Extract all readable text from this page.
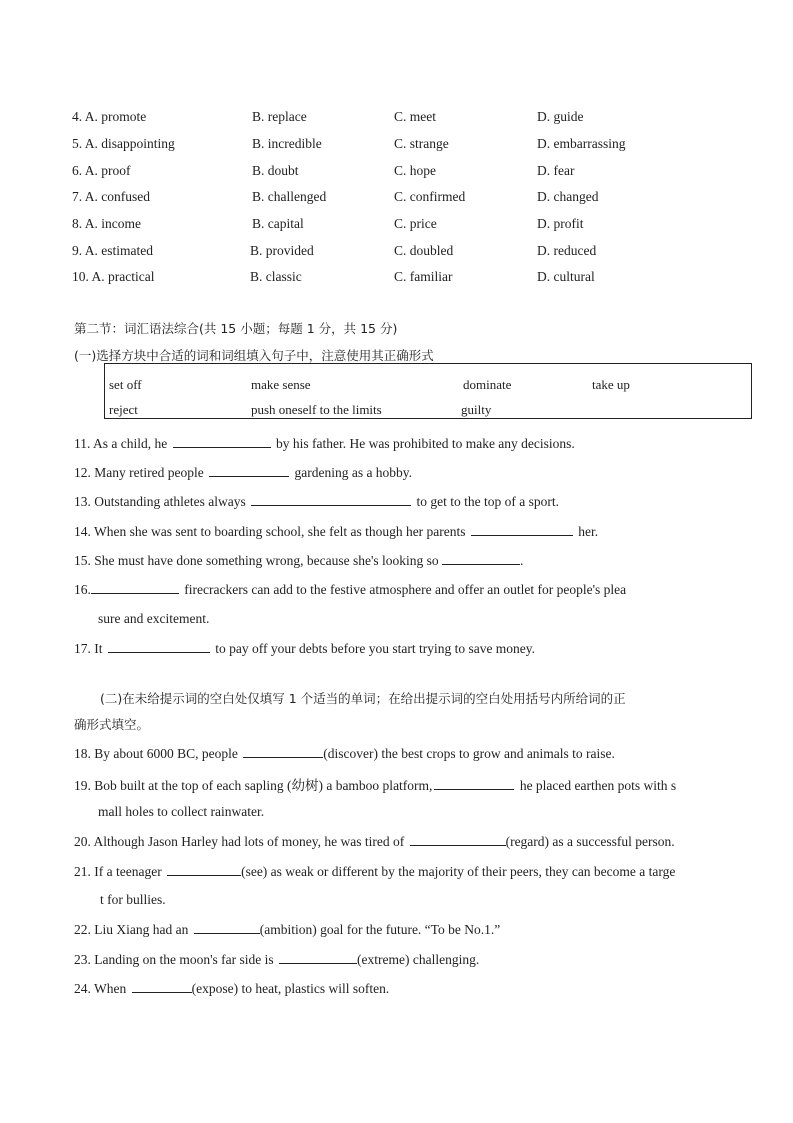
4. A. promote	B. replace	C. meet	D. guide
5. A. disappointing	B. incredible	C. strange	D. embarrassing
6. A. proof	B. doubt	C. hope	D. fear
7. A. confused	B. challenged	C. confirmed	D. changed
8. A. income	B. capital	C. price	D. profit
9. A. estimated	B. provided	C. doubled	D. reduced
10. A. practical	B. classic	C. familiar	D. cultural
第二节：词汇语法综合(共 15 小题；每题 1 分，共 15 分)
(一)选择方块中合适的词和词组填入句子中，注意使用其正确形式
set off	make sense	dominate	take up
reject	push oneself to the limits	guilty
11. As a child, he	by his father. He was prohibited to make any decisions.
12. Many retired people	gardening as a hobby.
13. Outstanding athletes always	to get to the top of a sport.
14. When she was sent to boarding school, she felt as though her parents	her.
15. She must have done something wrong, because she's looking so	.
16.	firecrackers can add to the festive atmosphere and offer an outlet for people's plea
sure and excitement.
17. It	to pay off your debts before you start trying to save money.
(二)在未给提示词的空白处仅填写 1 个适当的单词；在给出提示词的空白处用括号内所给词的正
确形式填空。
18. By about 6000 BC, people	(discover) the best crops to grow and animals to raise.
19. Bob built at the top of each sapling (幼树) a bamboo platform,	he placed earthen pots with s
mall holes to collect rainwater.
20. Although Jason Harley had lots of money, he was tired of	(regard) as a successful person.
21. If a teenager	(see) as weak or different by the majority of their peers, they can become a targe
t for bullies.
22. Liu Xiang had an	(ambition) goal for the future. “To be No.1.”
23. Landing on the moon's far side is	(extreme) challenging.
24. When	(expose) to heat, plastics will soften.
